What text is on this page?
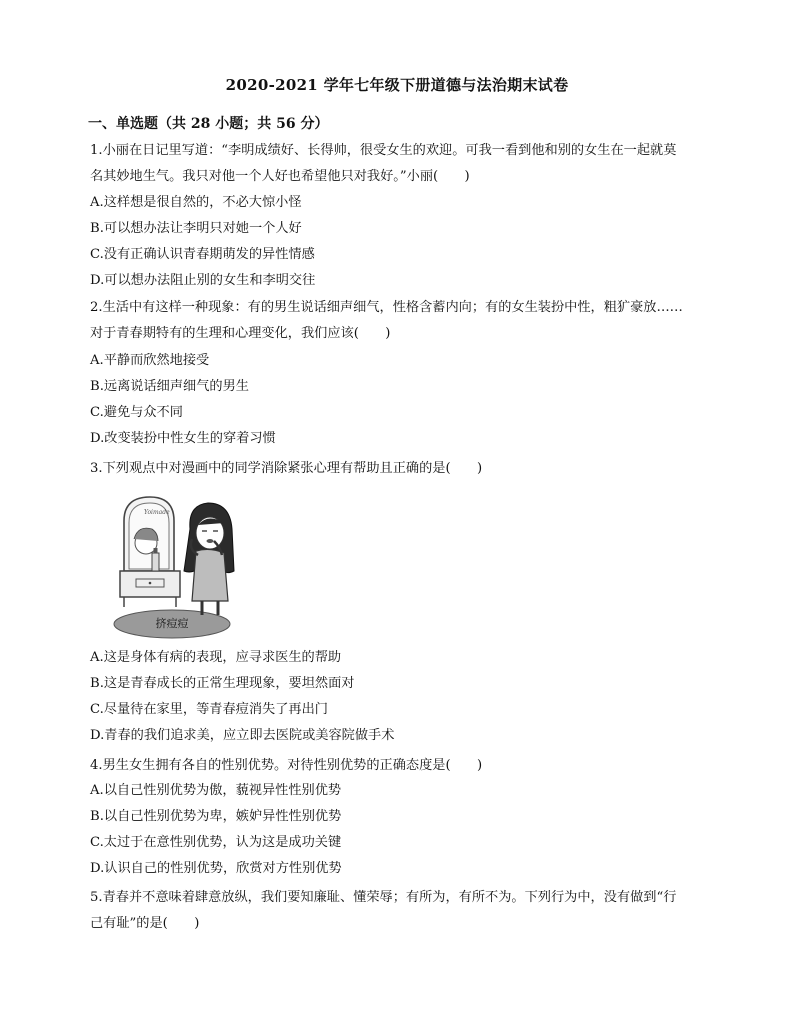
2020-2021 学年七年级下册道德与法治期末试卷
一、单选题（共 28 小题；共 56 分）
1.小丽在日记里写道：“李明成绩好、长得帅，很受女生的欢迎。可我一看到他和别的女生在一起就莫
名其妙地生气。我只对他一个人好也希望他只对我好。”小丽(　　)
A.这样想是很自然的，不必大惊小怪
B.可以想办法让李明只对她一个人好
C.没有正确认识青春期萌发的异性情感
D.可以想办法阻止别的女生和李明交往
2.生活中有这样一种现象：有的男生说话细声细气，性格含蓄内向；有的女生装扮中性，粗犷豪放……
对于青春期特有的生理和心理变化，我们应该(　　)
A.平静而欣然地接受
B.远离说话细声细气的男生
C.避免与众不同
D.改变装扮中性女生的穿着习惯
3.下列观点中对漫画中的同学消除紧张心理有帮助且正确的是(　　)
Yoimade
挤痘痘
A.这是身体有病的表现，应寻求医生的帮助
B.这是青春成长的正常生理现象，要坦然面对
C.尽量待在家里，等青春痘消失了再出门
D.青春的我们追求美，应立即去医院或美容院做手术
4.男生女生拥有各自的性别优势。对待性别优势的正确态度是(　　)
A.以自己性别优势为傲，藐视异性性别优势
B.以自己性别优势为卑，嫉妒异性性别优势
C.太过于在意性别优势，认为这是成功关键
D.认识自己的性别优势，欣赏对方性别优势
5.青春并不意味着肆意放纵，我们要知廉耻、懂荣辱；有所为，有所不为。下列行为中，没有做到“行
己有耻”的是(　　)
